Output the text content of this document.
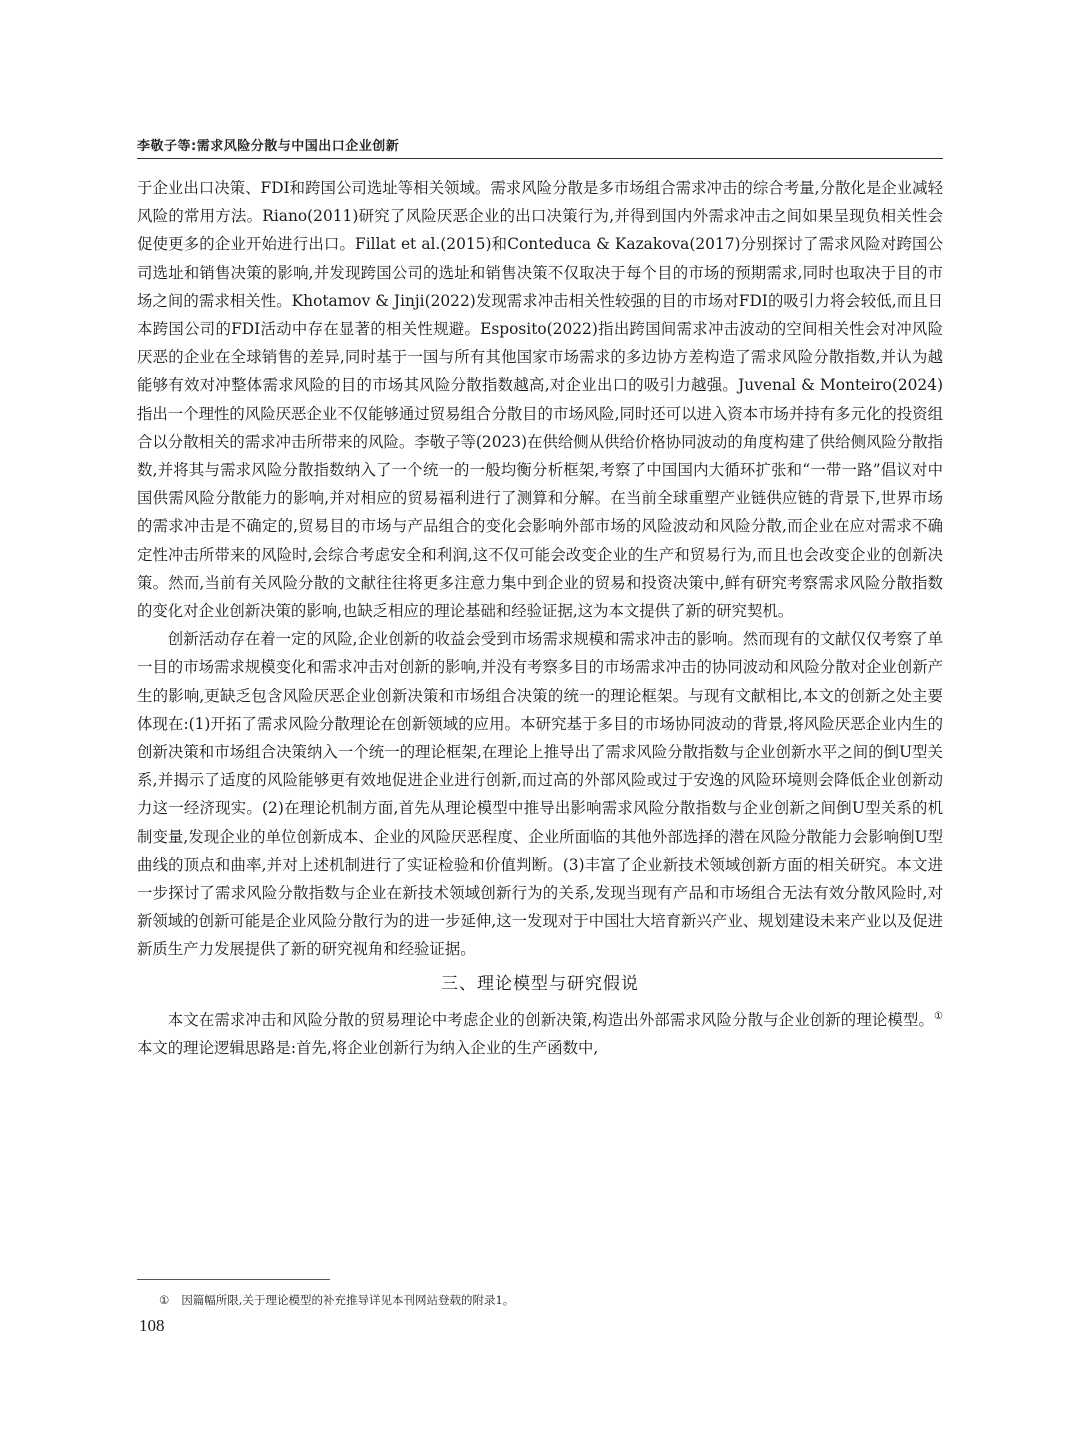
李敬子等:需求风险分散与中国出口企业创新

于企业出口决策、FDI和跨国公司选址等相关领域。需求风险分散是多市场组合需求冲击的综合考量,分散化是企业减轻风险的常用方法。Riano(2011)研究了风险厌恶企业的出口决策行为,并得到国内外需求冲击之间如果呈现负相关性会促使更多的企业开始进行出口。Fillat et al.(2015)和Conteduca & Kazakova(2017)分别探讨了需求风险对跨国公司选址和销售决策的影响,并发现跨国公司的选址和销售决策不仅取决于每个目的市场的预期需求,同时也取决于目的市场之间的需求相关性。Khotamov & Jinji(2022)发现需求冲击相关性较强的目的市场对FDI的吸引力将会较低,而且日本跨国公司的FDI活动中存在显著的相关性规避。Esposito(2022)指出跨国间需求冲击波动的空间相关性会对冲风险厌恶的企业在全球销售的差异,同时基于一国与所有其他国家市场需求的多边协方差构造了需求风险分散指数,并认为越能够有效对冲整体需求风险的目的市场其风险分散指数越高,对企业出口的吸引力越强。Juvenal & Monteiro(2024)指出一个理性的风险厌恶企业不仅能够通过贸易组合分散目的市场风险,同时还可以进入资本市场并持有多元化的投资组合以分散相关的需求冲击所带来的风险。李敬子等(2023)在供给侧从供给价格协同波动的角度构建了供给侧风险分散指数,并将其与需求风险分散指数纳入了一个统一的一般均衡分析框架,考察了中国国内大循环扩张和“一带一路”倡议对中国供需风险分散能力的影响,并对相应的贸易福利进行了测算和分解。在当前全球重塑产业链供应链的背景下,世界市场的需求冲击是不确定的,贸易目的市场与产品组合的变化会影响外部市场的风险波动和风险分散,而企业在应对需求不确定性冲击所带来的风险时,会综合考虑安全和利润,这不仅可能会改变企业的生产和贸易行为,而且也会改变企业的创新决策。然而,当前有关风险分散的文献往往将更多注意力集中到企业的贸易和投资决策中,鲜有研究考察需求风险分散指数的变化对企业创新决策的影响,也缺乏相应的理论基础和经验证据,这为本文提供了新的研究契机。

创新活动存在着一定的风险,企业创新的收益会受到市场需求规模和需求冲击的影响。然而现有的文献仅仅考察了单一目的市场需求规模变化和需求冲击对创新的影响,并没有考察多目的市场需求冲击的协同波动和风险分散对企业创新产生的影响,更缺乏包含风险厌恶企业创新决策和市场组合决策的统一的理论框架。与现有文献相比,本文的创新之处主要体现在:(1)开拓了需求风险分散理论在创新领域的应用。本研究基于多目的市场协同波动的背景,将风险厌恶企业内生的创新决策和市场组合决策纳入一个统一的理论框架,在理论上推导出了需求风险分散指数与企业创新水平之间的倒U型关系,并揭示了适度的风险能够更有效地促进企业进行创新,而过高的外部风险或过于安逸的风险环境则会降低企业创新动力这一经济现实。(2)在理论机制方面,首先从理论模型中推导出影响需求风险分散指数与企业创新之间倒U型关系的机制变量,发现企业的单位创新成本、企业的风险厌恶程度、企业所面临的其他外部选择的潜在风险分散能力会影响倒U型曲线的顶点和曲率,并对上述机制进行了实证检验和价值判断。(3)丰富了企业新技术领域创新方面的相关研究。本文进一步探讨了需求风险分散指数与企业在新技术领域创新行为的关系,发现当现有产品和市场组合无法有效分散风险时,对新领域的创新可能是企业风险分散行为的进一步延伸,这一发现对于中国壮大培育新兴产业、规划建设未来产业以及促进新质生产力发展提供了新的研究视角和经验证据。

三、理论模型与研究假说

本文在需求冲击和风险分散的贸易理论中考虑企业的创新决策,构造出外部需求风险分散与企业创新的理论模型。①本文的理论逻辑思路是:首先,将企业创新行为纳入企业的生产函数中,

① 因篇幅所限,关于理论模型的补充推导详见本刊网站登载的附录1。
108
